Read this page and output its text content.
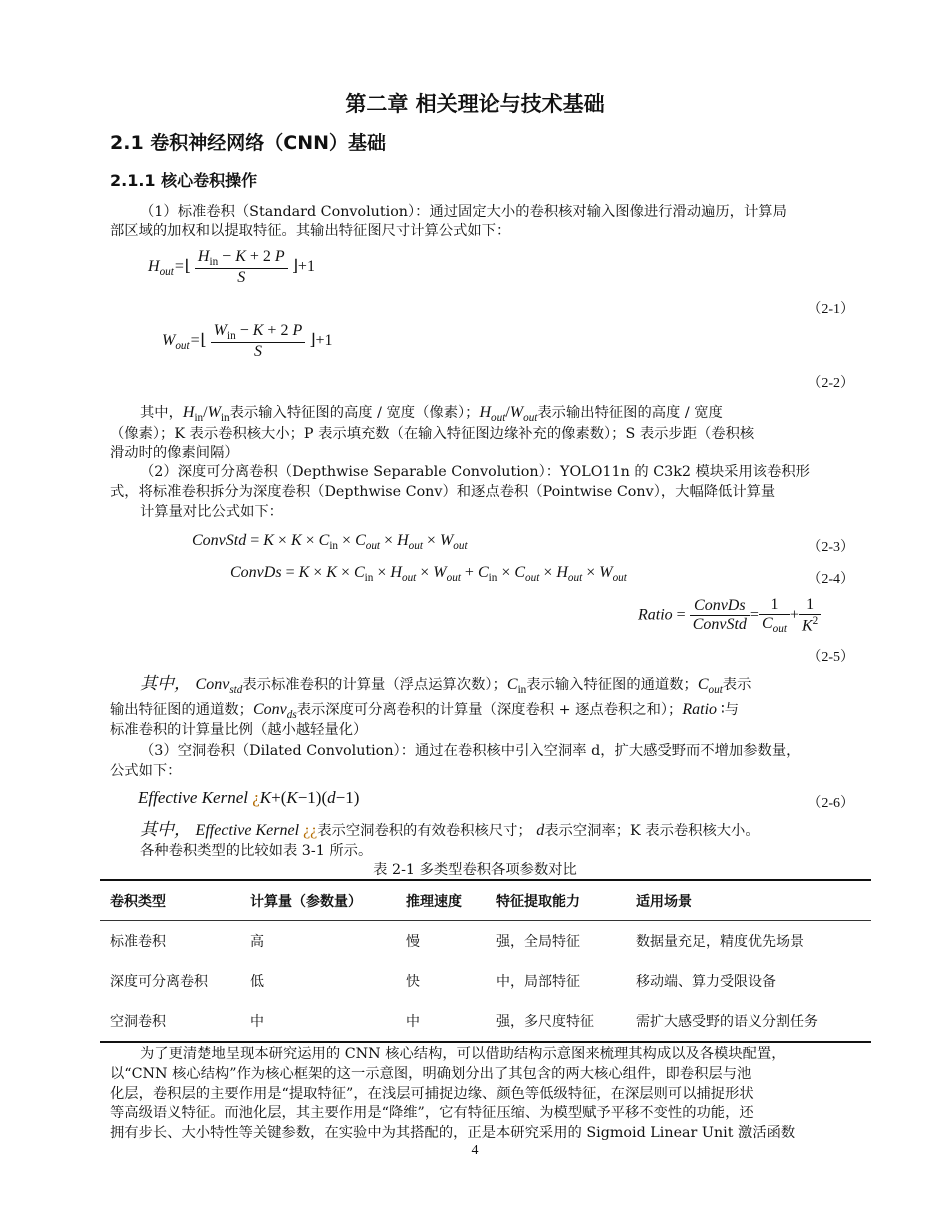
第二章 相关理论与技术基础
2.1 卷积神经网络（CNN）基础
2.1.1 核心卷积操作
（1）标准卷积（Standard Convolution）：通过固定大小的卷积核对输入图像进行滑动遍历，计算局
部区域的加权和以提取特征。其输出特征图尺寸计算公式如下：
$H_{out}=⌊ \frac{H_{in} - K + 2 P}{S}$ ⌋+1
（2-1）
$W_{out}=⌊ \frac{W_{in} - K + 2 P}{S}$ ⌋+1
（2-2）
其中，$H_{in}/W_{in}$表示输入特征图的高度 / 宽度（像素）；$H_{out}/W_{out}$表示输出特征图的高度 / 宽度
（像素）；K 表示卷积核大小；P 表示填充数（在输入特征图边缘补充的像素数）；S 表示步距（卷积核
滑动时的像素间隔）
（2）深度可分离卷积（Depthwise Separable Convolution）：YOLO11n 的 C3k2 模块采用该卷积形
式，将标准卷积拆分为深度卷积（Depthwise Conv）和逐点卷积（Pointwise Conv），大幅降低计算量
计算量对比公式如下：
ConvStd = $K \times K \times C_{in} \times C_{out} \times H_{out} \times W_{out}$	（2-3）
ConvDs = $K \times K \times C_{in} \times H_{out} \times W_{out} + C_{in} \times C_{out} \times H_{out} \times W_{out}$	（2-4）
Ratio = $\frac{\text{ConvDs}}{\text{ConvStd}} = \frac{1}{C_{out}} + \frac{1}{K^2}$
（2-5）
其中， Conv$_{std}$表示标准卷积的计算量（浮点运算次数）；$C_{in}$表示输入特征图的通道数；$C_{out}$表示
输出特征图的通道数；Conv$_{ds}$表示深度可分离卷积的计算量（深度卷积 + 逐点卷积之和）；Ratio ∶与
标准卷积的计算量比例（越小越轻量化）
（3）空洞卷积（Dilated Convolution）：通过在卷积核中引入空洞率 d，扩大感受野而不增加参数量，
公式如下：
Effective Kernel ¿K+(K−1)(d−1)	（2-6）
其中， Effective Kernel ¿¿表示空洞卷积的有效卷积核尺寸； d表示空洞率；K 表示卷积核大小。
各种卷积类型的比较如表 3-1 所示。
表 2-1 多类型卷积各项参数对比
卷积类型	计算量（参数量）	推理速度	特征提取能力	适用场景
标准卷积	高	慢	强，全局特征	数据量充足，精度优先场景
深度可分离卷积	低	快	中，局部特征	移动端、算力受限设备
空洞卷积	中	中	强，多尺度特征	需扩大感受野的语义分割任务
为了更清楚地呈现本研究运用的 CNN 核心结构，可以借助结构示意图来梳理其构成以及各模块配置，
以“CNN 核心结构”作为核心框架的这一示意图，明确划分出了其包含的两大核心组件，即卷积层与池
化层，卷积层的主要作用是“提取特征”，在浅层可捕捉边缘、颜色等低级特征，在深层则可以捕捉形状
等高级语义特征。而池化层，其主要作用是“降维”，它有特征压缩、为模型赋予平移不变性的功能，还
拥有步长、大小特性等关键参数，在实验中为其搭配的，正是本研究采用的 Sigmoid Linear Unit 激活函数
4
